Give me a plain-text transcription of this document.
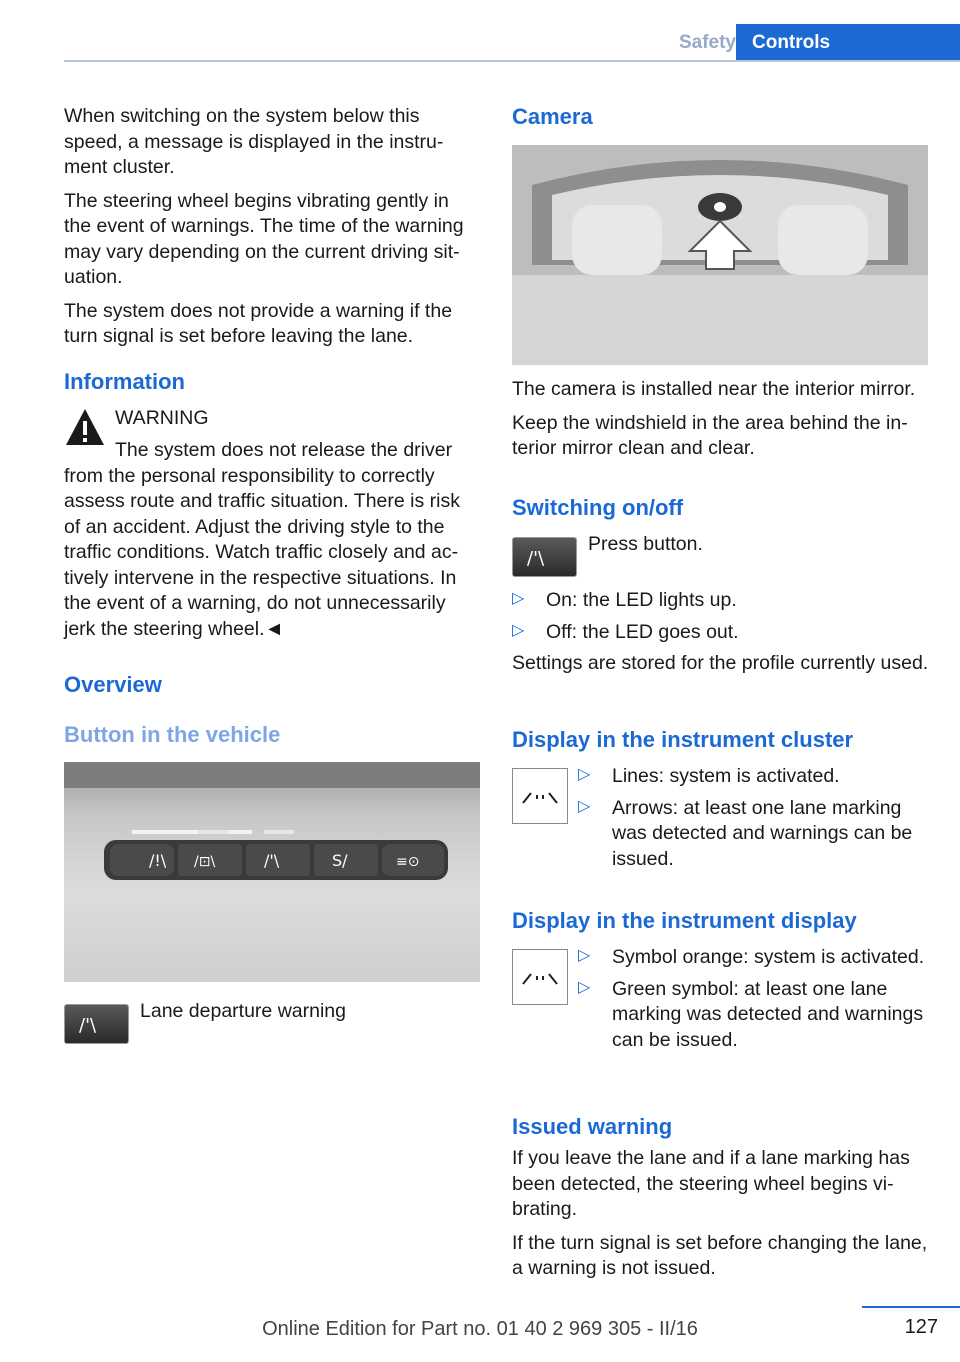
Safety Controls

When switching on the system below this speed, a message is displayed in the instrument cluster.

The steering wheel begins vibrating gently in the event of warnings. The time of the warning may vary depending on the current driving situation.

The system does not provide a warning if the turn signal is set before leaving the lane.

Information

WARNING

The system does not release the driver

from the personal responsibility to correctly

assess route and traffic situation. There is risk

of an accident. Adjust the driving style to the

traffic conditions. Watch traffic closely and ac-

tively intervene in the respective situations. In

the event of a warning, do not unnecessarily

jerk the steering wheel.◄

Overview
Button in the vehicle
/!\ /⊡\	/'\	S/	≡⊙
/'\

Lane departure warning

Camera

The camera is installed near the interior mirror.

Keep the windshield in the area behind the interior mirror clean and clear.

Switching on/off
/'\

Press button.

▷ On: the LED lights up.

▷ Off: the LED goes out.

Settings are stored for the profile currently used.

Display in the instrument cluster
▷ Lines: system is activated.

▷ Arrows: at least one lane marking was detected and warnings can be issued.

Display in the instrument display
▷ Symbol orange: system is activated.

▷ Green symbol: at least one lane marking was detected and warnings can be issued.

Issued warning

If you leave the lane and if a lane marking has been detected, the steering wheel begins vibrating.

If the turn signal is set before changing the lane, a warning is not issued.

127
Online Edition for Part no. 01 40 2 969 305 - II/16
